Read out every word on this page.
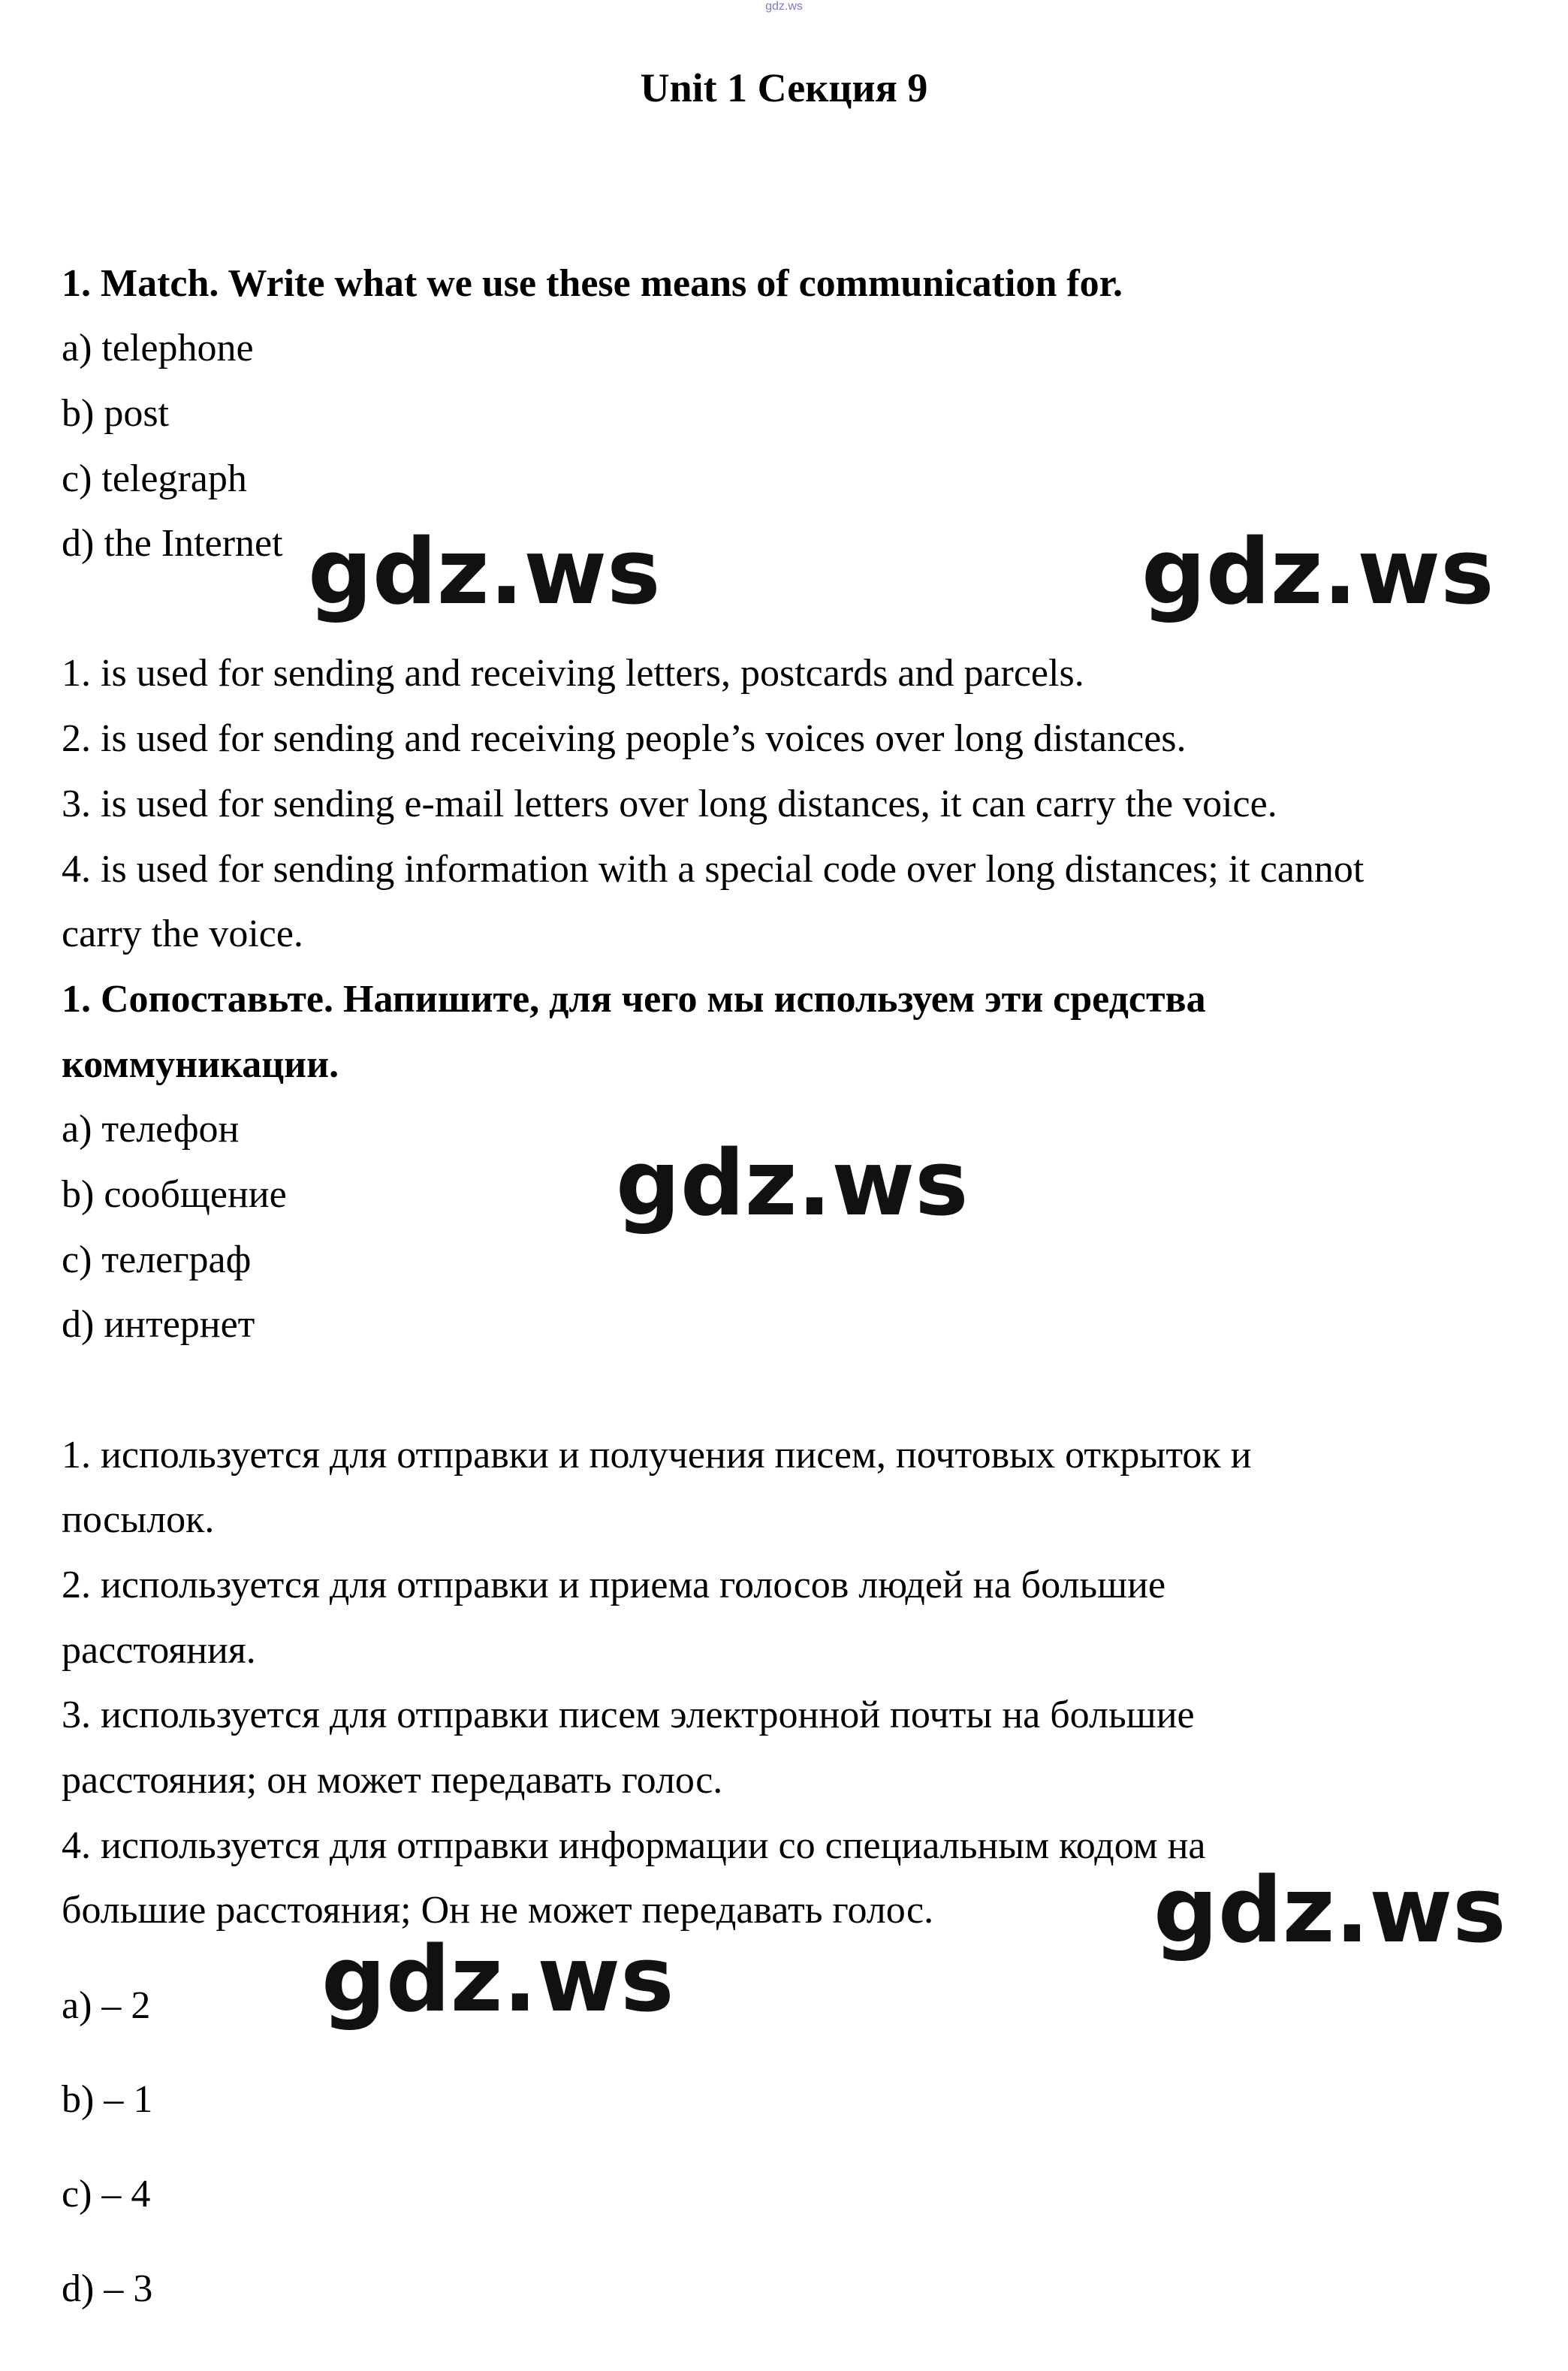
gdz.ws
Unit 1 Секция 9
1. Match. Write what we use these means of communication for.
a) telephone
b) post
c) telegraph
d) the Internet
1. is used for sending and receiving letters, postcards and parcels.
2. is used for sending and receiving people’s voices over long distances.
3. is used for sending e-mail letters over long distances, it can carry the voice.
4. is used for sending information with a special code over long distances; it cannot
carry the voice.
1. Сопоставьте. Напишите, для чего мы используем эти средства
коммуникации.
a) телефон
b) сообщение
c) телеграф
d) интернет
1. используется для отправки и получения писем, почтовых открыток и
посылок.
2. используется для отправки и приема голосов людей на большие
расстояния.
3. используется для отправки писем электронной почты на большие
расстояния; он может передавать голос.
4. используется для отправки информации со специальным кодом на
большие расстояния; Он не может передавать голос.
a) – 2
b) – 1
c) – 4
d) – 3
gdz.ws	gdz.ws
gdz.ws
gdz.ws
gdz.ws
